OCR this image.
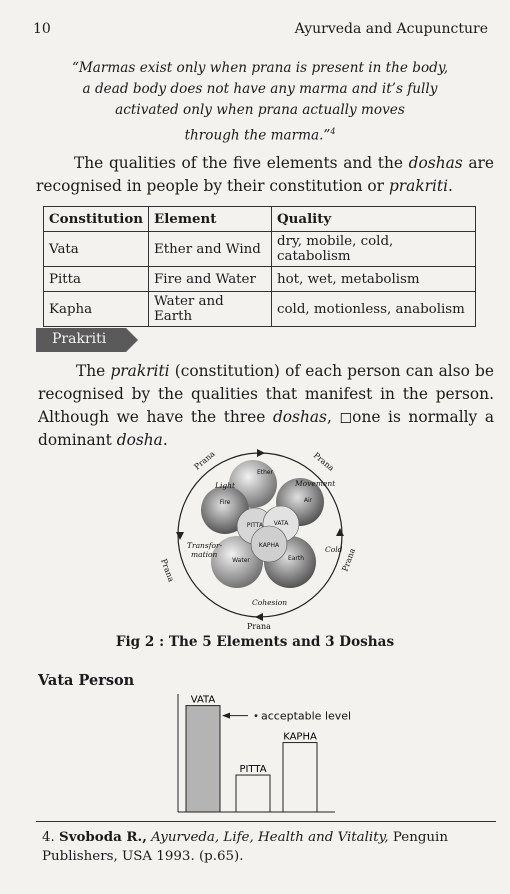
10	Ayurveda and Acupuncture
“Marmas exist only when prana is present in the body,
a dead body does not have any marma and it’s fully
activated only when prana actually moves
through the marma.”$^4$
The qualities of the five elements and the doshas are recognised in people by their constitution or prakriti.
Constitution	Element	Quality
Vata	Ether and Wind	dry, mobile, cold, catabolism
Pitta	Fire and Water	hot, wet, metabolism
Kapha	Water and Earth	cold, motionless, anabolism
Prakriti
The prakriti (constitution) of each person can also be recognised by the qualities that manifest in the person. Although we have the three doshas, ◻one is normally a dominant dosha.
PITTA VATA
KAPHA
Ether
Air
Fire
Water	Earth
Light	Movement
Transfor-
mation
Cold
Cohesion
Prana	Prana
Prana	Prana
Prana
Fig 2 : The 5 Elements and 3 Doshas
Vata Person
VATA
PITTA
KAPHA
acceptable level
4. Svoboda R., Ayurveda, Life, Health and Vitality, Penguin Publishers, USA 1993. (p.65).
